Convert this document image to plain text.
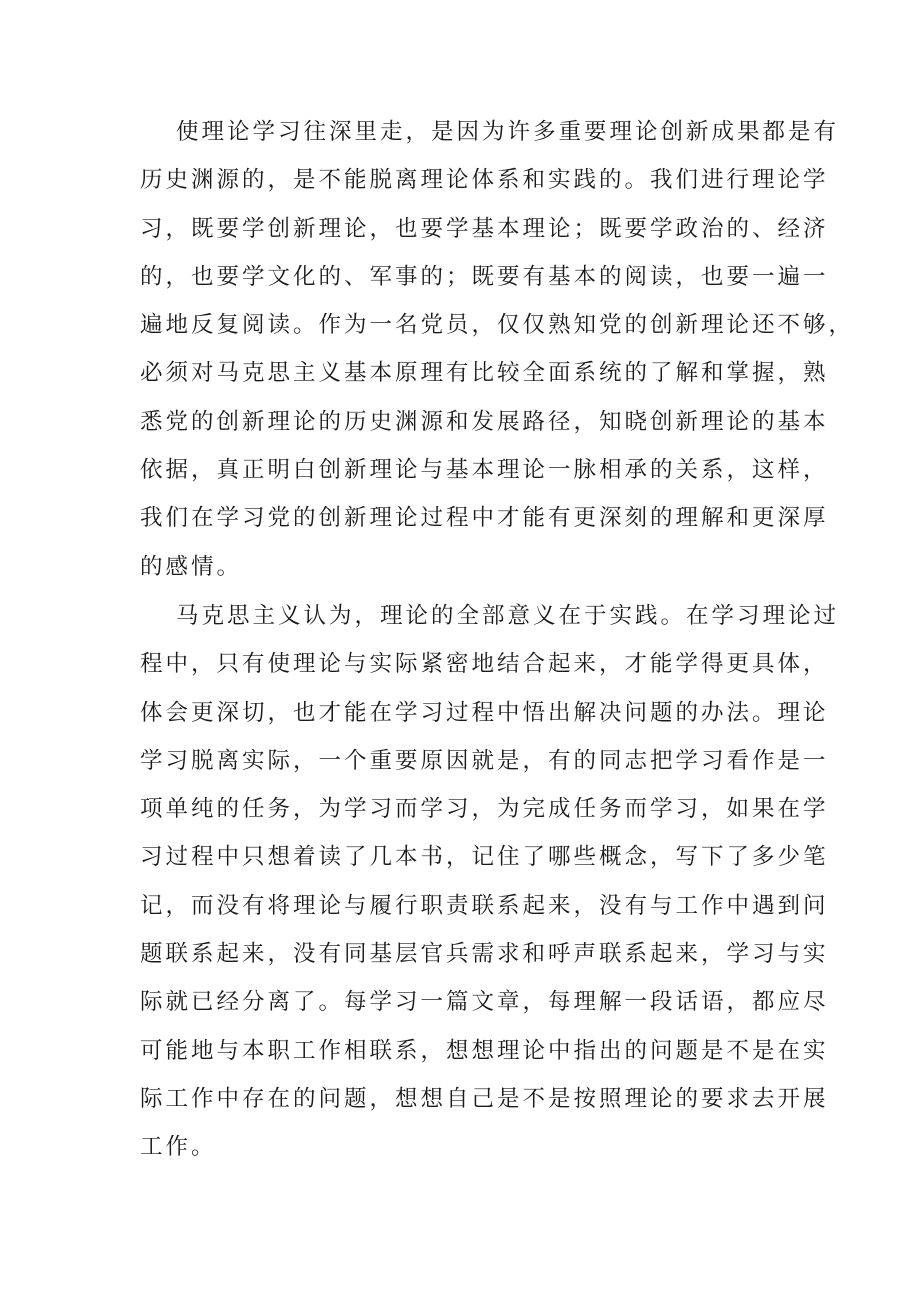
使理论学习往深里走，是因为许多重要理论创新成果都是有
历史渊源的，是不能脱离理论体系和实践的。我们进行理论学
习，既要学创新理论，也要学基本理论；既要学政治的、经济
的，也要学文化的、军事的；既要有基本的阅读，也要一遍一
遍地反复阅读。作为一名党员，仅仅熟知党的创新理论还不够，
必须对马克思主义基本原理有比较全面系统的了解和掌握，熟
悉党的创新理论的历史渊源和发展路径，知晓创新理论的基本
依据，真正明白创新理论与基本理论一脉相承的关系，这样，
我们在学习党的创新理论过程中才能有更深刻的理解和更深厚
的感情。
马克思主义认为，理论的全部意义在于实践。在学习理论过
程中，只有使理论与实际紧密地结合起来，才能学得更具体，
体会更深切，也才能在学习过程中悟出解决问题的办法。理论
学习脱离实际，一个重要原因就是，有的同志把学习看作是一
项单纯的任务，为学习而学习，为完成任务而学习，如果在学
习过程中只想着读了几本书，记住了哪些概念，写下了多少笔
记，而没有将理论与履行职责联系起来，没有与工作中遇到问
题联系起来，没有同基层官兵需求和呼声联系起来，学习与实
际就已经分离了。每学习一篇文章，每理解一段话语，都应尽
可能地与本职工作相联系，想想理论中指出的问题是不是在实
际工作中存在的问题，想想自己是不是按照理论的要求去开展
工作。
